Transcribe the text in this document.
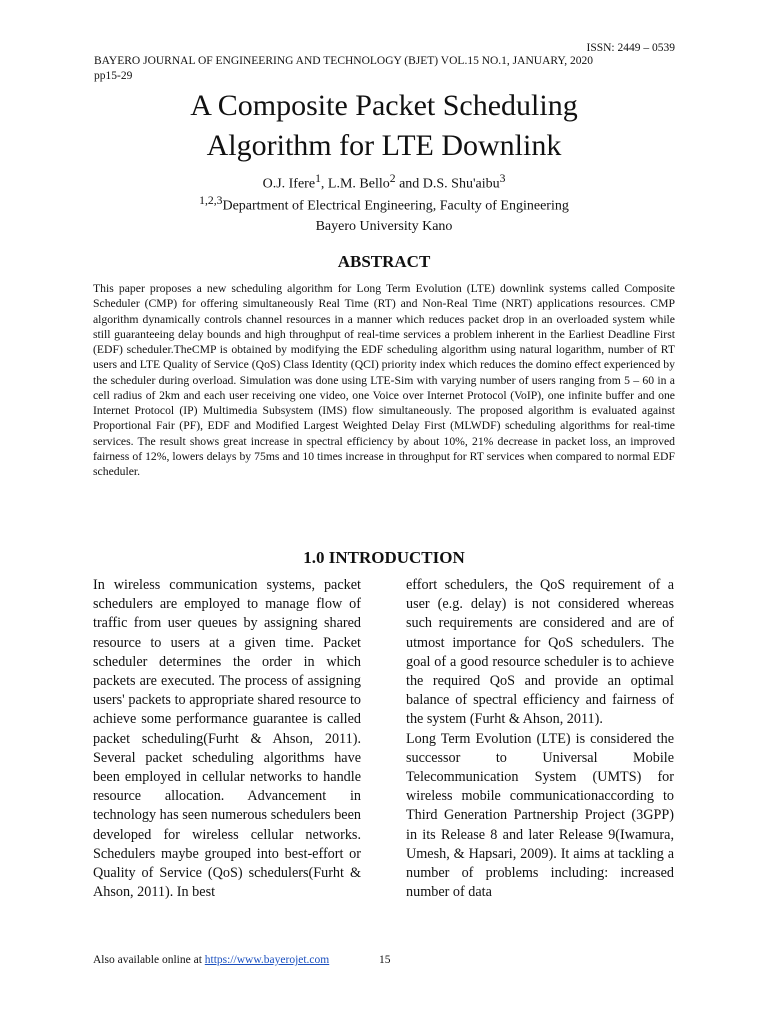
ISSN: 2449 – 0539
BAYERO JOURNAL OF ENGINEERING AND TECHNOLOGY (BJET) VOL.15 NO.1, JANUARY, 2020
pp15-29
A Composite Packet Scheduling
Algorithm for LTE Downlink
O.J. Ifere$^1$, L.M. Bello$^2$ and D.S. Shu'aibu$^3$
$^{1,2,3}$Department of Electrical Engineering, Faculty of Engineering
Bayero University Kano
ABSTRACT
This paper proposes a new scheduling algorithm for Long Term Evolution (LTE) downlink systems called Composite Scheduler (CMP) for offering simultaneously Real Time (RT) and Non-Real Time (NRT) applications resources. CMP algorithm dynamically controls channel resources in a manner which reduces packet drop in an overloaded system while still guaranteeing delay bounds and high throughput of real-time services a problem inherent in the Earliest Deadline First (EDF) scheduler.TheCMP is obtained by modifying the EDF scheduling algorithm using natural logarithm, number of RT users and LTE Quality of Service (QoS) Class Identity (QCI) priority index which reduces the domino effect experienced by the scheduler during overload. Simulation was done using LTE-Sim with varying number of users ranging from 5 – 60 in a cell radius of 2km and each user receiving one video, one Voice over Internet Protocol (VoIP), one infinite buffer and one Internet Protocol (IP) Multimedia Subsystem (IMS) flow simultaneously. The proposed algorithm is evaluated against Proportional Fair (PF), EDF and Modified Largest Weighted Delay First (MLWDF) scheduling algorithms for real-time services. The result shows great increase in spectral efficiency by about 10%, 21% decrease in packet loss, an improved fairness of 12%, lowers delays by 75ms and 10 times increase in throughput for RT services when compared to normal EDF scheduler.
1.0 INTRODUCTION

In wireless communication systems, packet schedulers are employed to manage flow of traffic from user queues by assigning shared resource to users at a given time. Packet scheduler determines the order in which packets are executed. The process of assigning users' packets to appropriate shared resource to achieve some performance guarantee is called packet scheduling(Furht & Ahson, 2011). Several packet scheduling algorithms have been employed in cellular networks to handle resource allocation. Advancement in technology has seen numerous schedulers been developed for wireless cellular networks. Schedulers maybe grouped into best-effort or Quality of Service (QoS) schedulers(Furht & Ahson, 2011). In best

effort schedulers, the QoS requirement of a user (e.g. delay) is not considered whereas such requirements are considered and are of utmost importance for QoS schedulers. The goal of a good resource scheduler is to achieve the required QoS and provide an optimal balance of spectral efficiency and fairness of the system (Furht & Ahson, 2011).

Long Term Evolution (LTE) is considered the successor to Universal Mobile Telecommunication System (UMTS) for wireless mobile communicationaccording to Third Generation Partnership Project (3GPP) in its Release 8 and later Release 9(Iwamura, Umesh, & Hapsari, 2009). It aims at tackling a number of problems including: increased number of data

Also available online at https://www.bayerojet.com	15
